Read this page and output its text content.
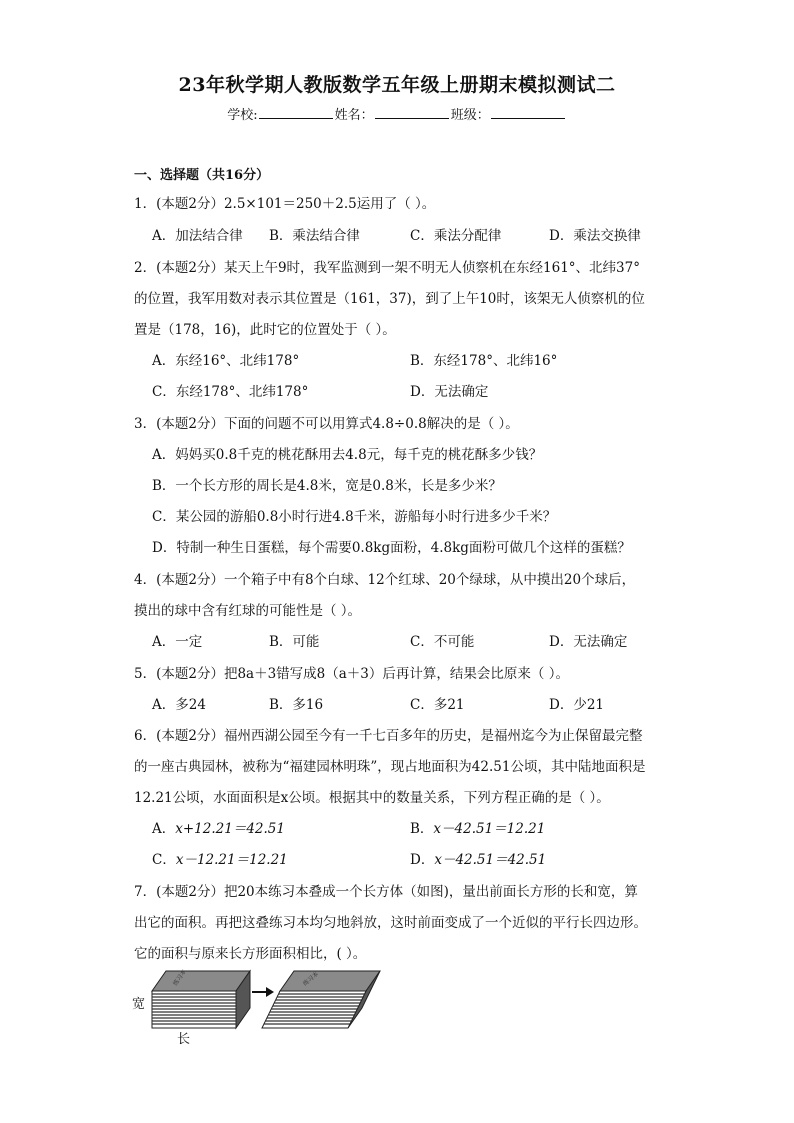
23年秋学期人教版数学五年级上册期末模拟测试二
学校:	姓名：	班级：
一、选择题（共16分）
1．(本题2分）2.5×101＝250＋2.5运用了（ ）。
A．加法结合律 B．乘法结合律	C．乘法分配律	D．乘法交换律
2．(本题2分）某天上午9时，我军监测到一架不明无人侦察机在东经161°、北纬37°
的位置，我军用数对表示其位置是（161，37)，到了上午10时，该架无人侦察机的位
置是（178，16)，此时它的位置处于（ ）。
A．东经16°、北纬178°	B．东经178°、北纬16°
C．东经178°、北纬178°	D．无法确定
3．(本题2分）下面的问题不可以用算式4.8÷0.8解决的是（ ）。
A．妈妈买0.8千克的桃花酥用去4.8元，每千克的桃花酥多少钱？
B．一个长方形的周长是4.8米，宽是0.8米，长是多少米？
C．某公园的游船0.8小时行进4.8千米，游船每小时行进多少千米？
D．特制一种生日蛋糕，每个需要0.8kg面粉，4.8kg面粉可做几个这样的蛋糕？
4．(本题2分）一个箱子中有8个白球、12个红球、20个绿球，从中摸出20个球后，
摸出的球中含有红球的可能性是（ ）。
A．一定	B．可能	C．不可能	D．无法确定
5．(本题2分）把8a＋3错写成8（a＋3）后再计算，结果会比原来（ ）。
A．多24	B．多16	C．多21	D．少21
6．(本题2分）福州西湖公园至今有一千七百多年的历史，是福州迄今为止保留最完整
的一座古典园林，被称为“福建园林明珠”，现占地面积为42.51公顷，其中陆地面积是
12.21公顷，水面面积是x公顷。根据其中的数量关系，下列方程正确的是（ ）。
A．x+12.21＝42.51	B．x－42.51＝12.21
C．x－12.21＝12.21	D．x－42.51＝42.51
7．(本题2分）把20本练习本叠成一个长方体（如图)，量出前面长方形的长和宽，算
出它的面积。再把这叠练习本均匀地斜放，这时前面变成了一个近似的平行长四边形。
它的面积与原来长方形面积相比，( ）。
练习本	练习本
宽
长
